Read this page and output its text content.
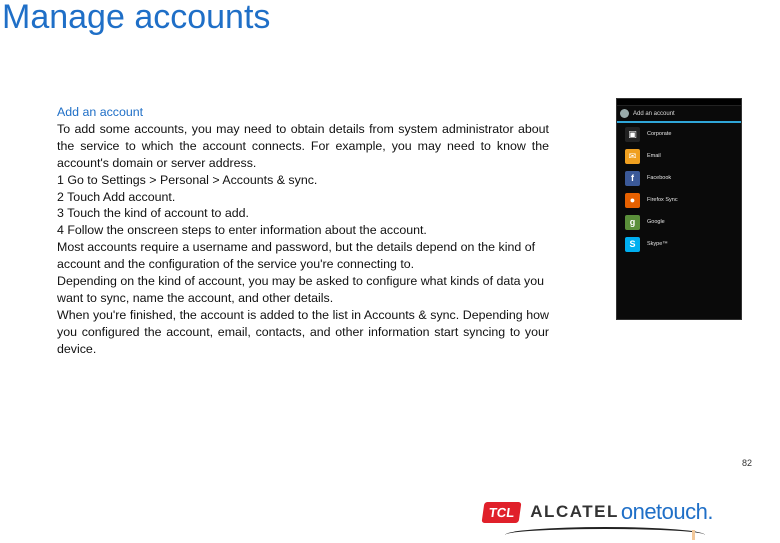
Manage accounts
Add an account

To add some accounts, you may need to obtain details from system administrator about the service to which the account connects. For example, you may need to know the account's domain or server address.

1 Go to Settings > Personal > Accounts & sync.

2 Touch Add account.

3 Touch the kind of account to add.

4 Follow the onscreen steps to enter information about the account.

Most accounts require a username and password, but the details depend on the kind of account and the configuration of the service you're connecting to.

Depending on the kind of account, you may be asked to configure what kinds of data you want to sync, name the account, and other details.

When you're finished, the account is added to the list in Accounts & sync. Depending how you configured the account, email, contacts, and other information start syncing to your device.

Add an account
▣	Corporate
✉	Email
f	Facebook
●	Firefox Sync
g	Google
S	Skype™
82
TCL ALCATEL onetouch.
